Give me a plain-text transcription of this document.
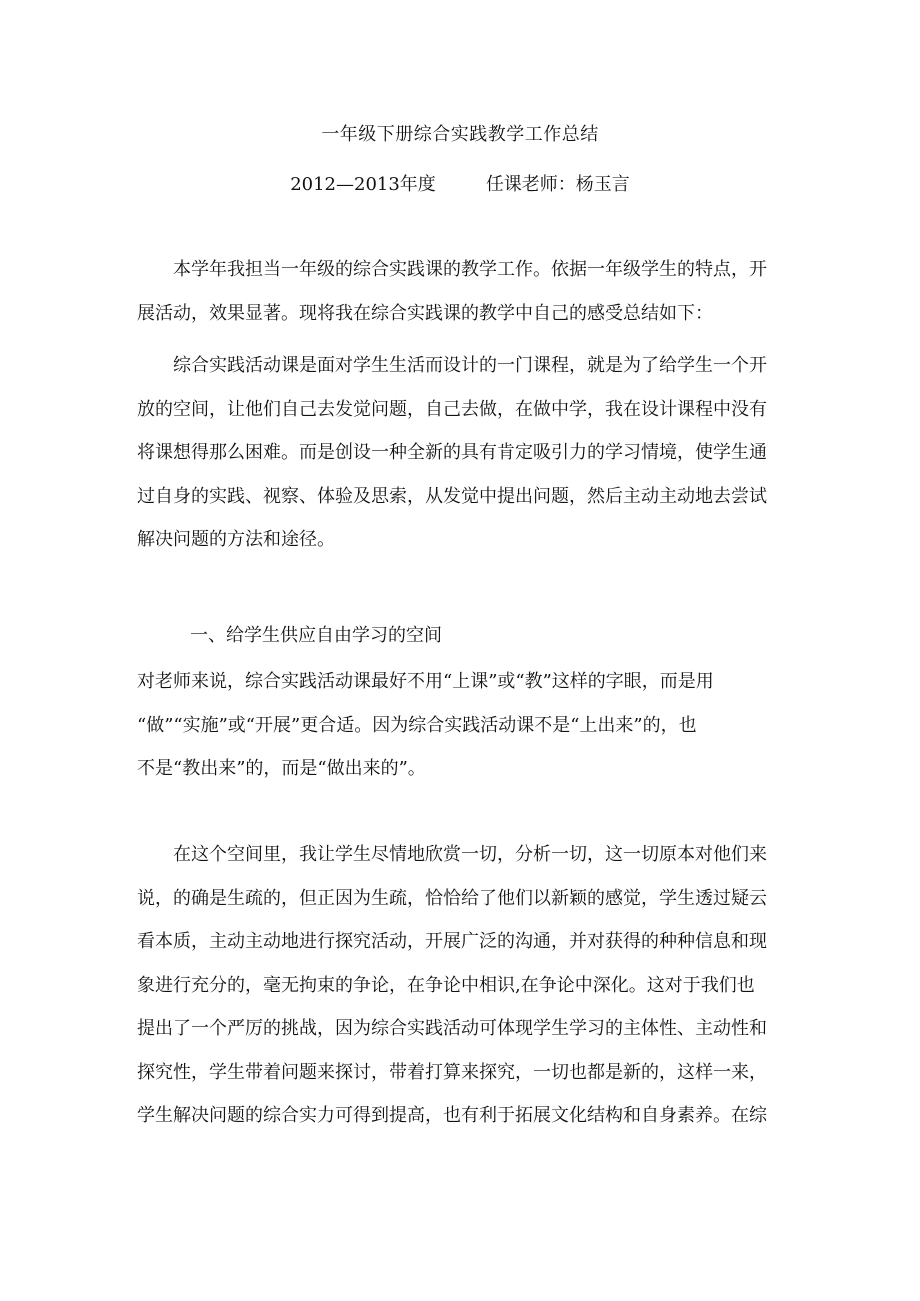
一年级下册综合实践教学工作总结
2012—2013年度	任课老师：杨玉言

本学年我担当一年级的综合实践课的教学工作。依据一年级学生的特点，开
展活动，效果显著。现将我在综合实践课的教学中自己的感受总结如下：

综合实践活动课是面对学生生活而设计的一门课程，就是为了给学生一个开
放的空间，让他们自己去发觉问题，自己去做，在做中学，我在设计课程中没有
将课想得那么困难。而是创设一种全新的具有肯定吸引力的学习情境，使学生通
过自身的实践、视察、体验及思索，从发觉中提出问题，然后主动主动地去尝试
解决问题的方法和途径。

一、给学生供应自由学习的空间

对老师来说，综合实践活动课最好不用“上课”或“教”这样的字眼，而是用
“做”“实施”或“开展”更合适。因为综合实践活动课不是“上出来”的，也
不是“教出来”的，而是“做出来的”。

在这个空间里，我让学生尽情地欣赏一切，分析一切，这一切原本对他们来
说，的确是生疏的，但正因为生疏，恰恰给了他们以新颖的感觉，学生透过疑云
看本质，主动主动地进行探究活动，开展广泛的沟通，并对获得的种种信息和现
象进行充分的，毫无拘束的争论，在争论中相识,在争论中深化。这对于我们也
提出了一个严厉的挑战，因为综合实践活动可体现学生学习的主体性、主动性和
探究性，学生带着问题来探讨，带着打算来探究，一切也都是新的，这样一来，
学生解决问题的综合实力可得到提高，也有利于拓展文化结构和自身素养。在综
